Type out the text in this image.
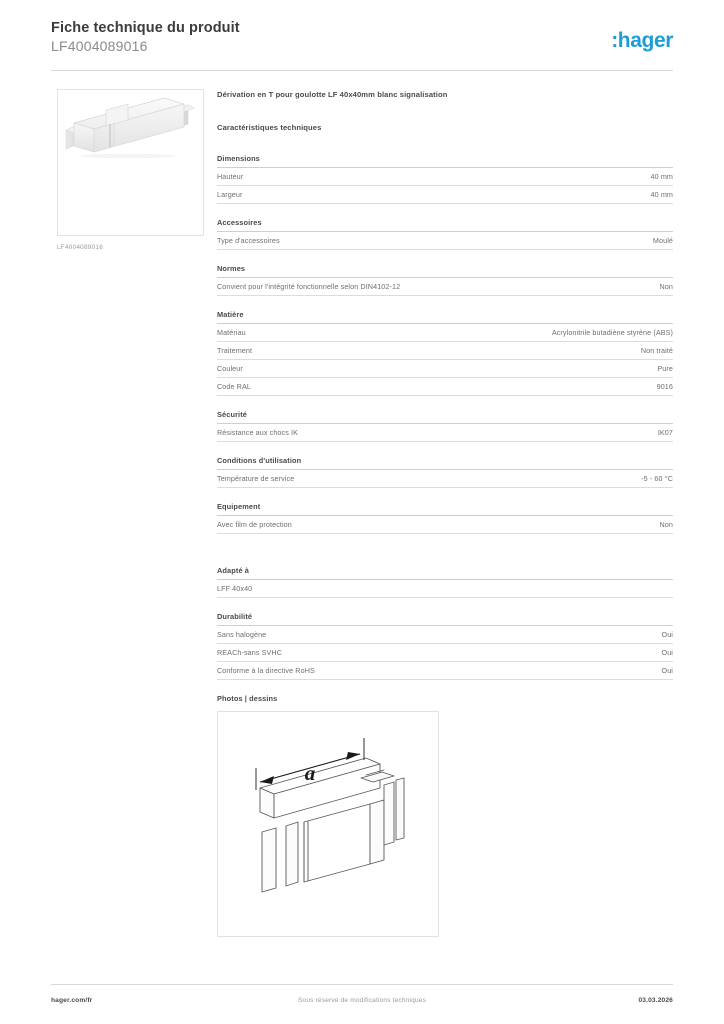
Fiche technique du produit
LF4004089016	:hager
LF4004089016
Dérivation en T pour goulotte LF 40x40mm blanc signalisation
Caractéristiques techniques
Dimensions
Hauteur	40 mm
Largeur	40 mm
Accessoires
Type d'accessoires	Moulé
Normes
Convient pour l'intégrité fonctionnelle selon DIN4102-12	Non
Matière
Matériau	Acrylonitrile butadiène styrène (ABS)
Traitement	Non traité
Couleur	Pure
Code RAL	9016
Sécurité
Résistance aux chocs IK	IK07
Conditions d'utilisation
Température de service	-5 - 60 °C
Equipement
Avec film de protection	Non
Adapté à
LFF 40x40
Durabilité
Sans halogène	Oui
REACh-sans SVHC	Oui
Conforme à la directive RoHS	Oui
Photos | dessins
a
hager.com/fr	Sous réserve de modifications techniques	03.03.2026
